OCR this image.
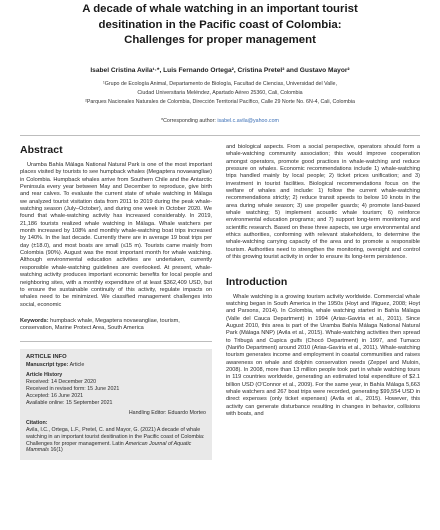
A decade of whale watching in an important tourist
desitination in the Pacific coast of Colombia:
Challenges for proper management
Isabel Cristina Avila¹·*, Luis Fernando Ortega², Cristina Pretel² and Gustavo Mayor²
¹Grupo de Ecología Animal, Departamento de Biología, Facultad de Ciencias, Universidad del Valle,
Ciudad Universitaria Meléndez, Apartado Aéreo 25360, Cali, Colombia
²Parques Nacionales Naturales de Colombia, Dirección Territorial Pacífico, Calle 29 Norte No. 6N-4, Cali, Colombia
*Corresponding author: isabel.c.avila@yahoo.com
Abstract

Uramba Bahía Málaga National Natural Park is one of the most important places visited by tourists to see humpback whales (Megaptera novaeangliae) in Colombia. Humpback whales arrive from Southern Chile and the Antarctic Peninsula every year between May and December to reproduce, give birth and rear calves. To evaluate the current state of whale watching in Málaga we analyzed tourist visitation data from 2011 to 2019 during the peak whale-watching season (July–October), and during one week in October 2020. We found that whale-watching activity has increased considerably. In 2019, 21,186 tourists realized whale watching in Málaga. Whale watchers per month increased by 108% and monthly whale-watching boat trips increased by 140%. In the last decade. Currently there are in average 19 boat trips per day (±18.0), and most boats are small (≤15 m). Tourists came mainly from Colombia (90%). August was the most important month for whale watching. Although environmental education activities are undertaken, currently responsible whale-watching guidelines are overlooked. At present, whale-watching activity produces important economic benefits for local people and neighboring sites, with a monthly expenditure of at least $362,409 USD, but to ensure the sustainable continuity of this activity, regulate impacts on whales need to be minimized. We classified management challenges into social, economic

Keywords: humpback whale, Megaptera novaeangliae, tourism, conservation, Marine Protect Area, South America
ARTICLE INFO
Manuscript type: Article
Article History
Received: 14 December 2020
Received in revised form: 15 June 2021
Accepted: 16 June 2021
Available online: 15 September 2021
Handling Editor: Eduardo Morteo
Citation:
Avila, I.C., Ortega, L.F., Pretel, C. and Mayor, G. (2021) A decade of whale watching in an important tourist desitination in the Pacific coast of Colombia: Challenges for proper management. Latin American Journal of Aquatic Mammals 16(1)

and biological aspects. From a social perspective, operators should form a whale-watching community association; this would improve cooperation amongst operators, promote good practices in whale-watching and reduce pressure on whales. Economic recommendations include 1) whale-watching trips handled mainly by local people; 2) ticket prices unification; and 3) investment in tourist facilities. Biological recommendations focus on the welfare of whales and include: 1) follow the current whale-watching recommendations strictly; 2) reduce transit speeds to below 10 knots in the area during whale season; 3) use propeller guards; 4) promote land-based whale watching; 5) implement acoustic whale tourism; 6) reinforce environmental education programs; and 7) support long-term monitoring and scientific research. Based on these three aspects, we urge environmental and ethics authorities, conforming with relevant stakeholders, to determine the whale-watching carrying capacity of the area and to promote a responsible tourism. Authorities need to strengthen the monitoring, oversight and control of this growing tourist activity in order to ensure its long-term persistence.

Introduction

Whale watching is a growing tourism activity worldwide. Commercial whale watching began in South America in the 1950s (Hoyt and Iñiguez, 2008; Hoyt and Parsons, 2014). In Colombia, whale watching started in Bahía Málaga (Valle del Cauca Department) in 1994 (Arias-Gaviria et al., 2011). Since August 2010, this area is part of the Uramba Bahía Málaga National Natural Park (Málaga NNP) (Avila et al., 2015). Whale-watching activities then spread to Tribugá and Cupica gulfs (Chocó Department) in 1997, and Tumaco (Nariño Department) around 2010 (Arias-Gaviria et al., 2011). Whale-watching tourism generates income and employment in coastal communities and raises awareness on whale and dolphin conservation needs (Zeppel and Muloin, 2008). In 2008, more than 13 million people took part in whale watching tours in 119 countries worldwide, generating an estimated total expenditure of $2.1 billion USD (O'Connor et al., 2009). For the same year, in Bahía Málaga 5,663 whale watchers and 267 boat trips were recorded, generating $99,554 USD in direct expenses (only ticket expenses) (Avila et al., 2015). However, this activity can generate disturbance resulting in changes in behavior, collisions with boats, and
